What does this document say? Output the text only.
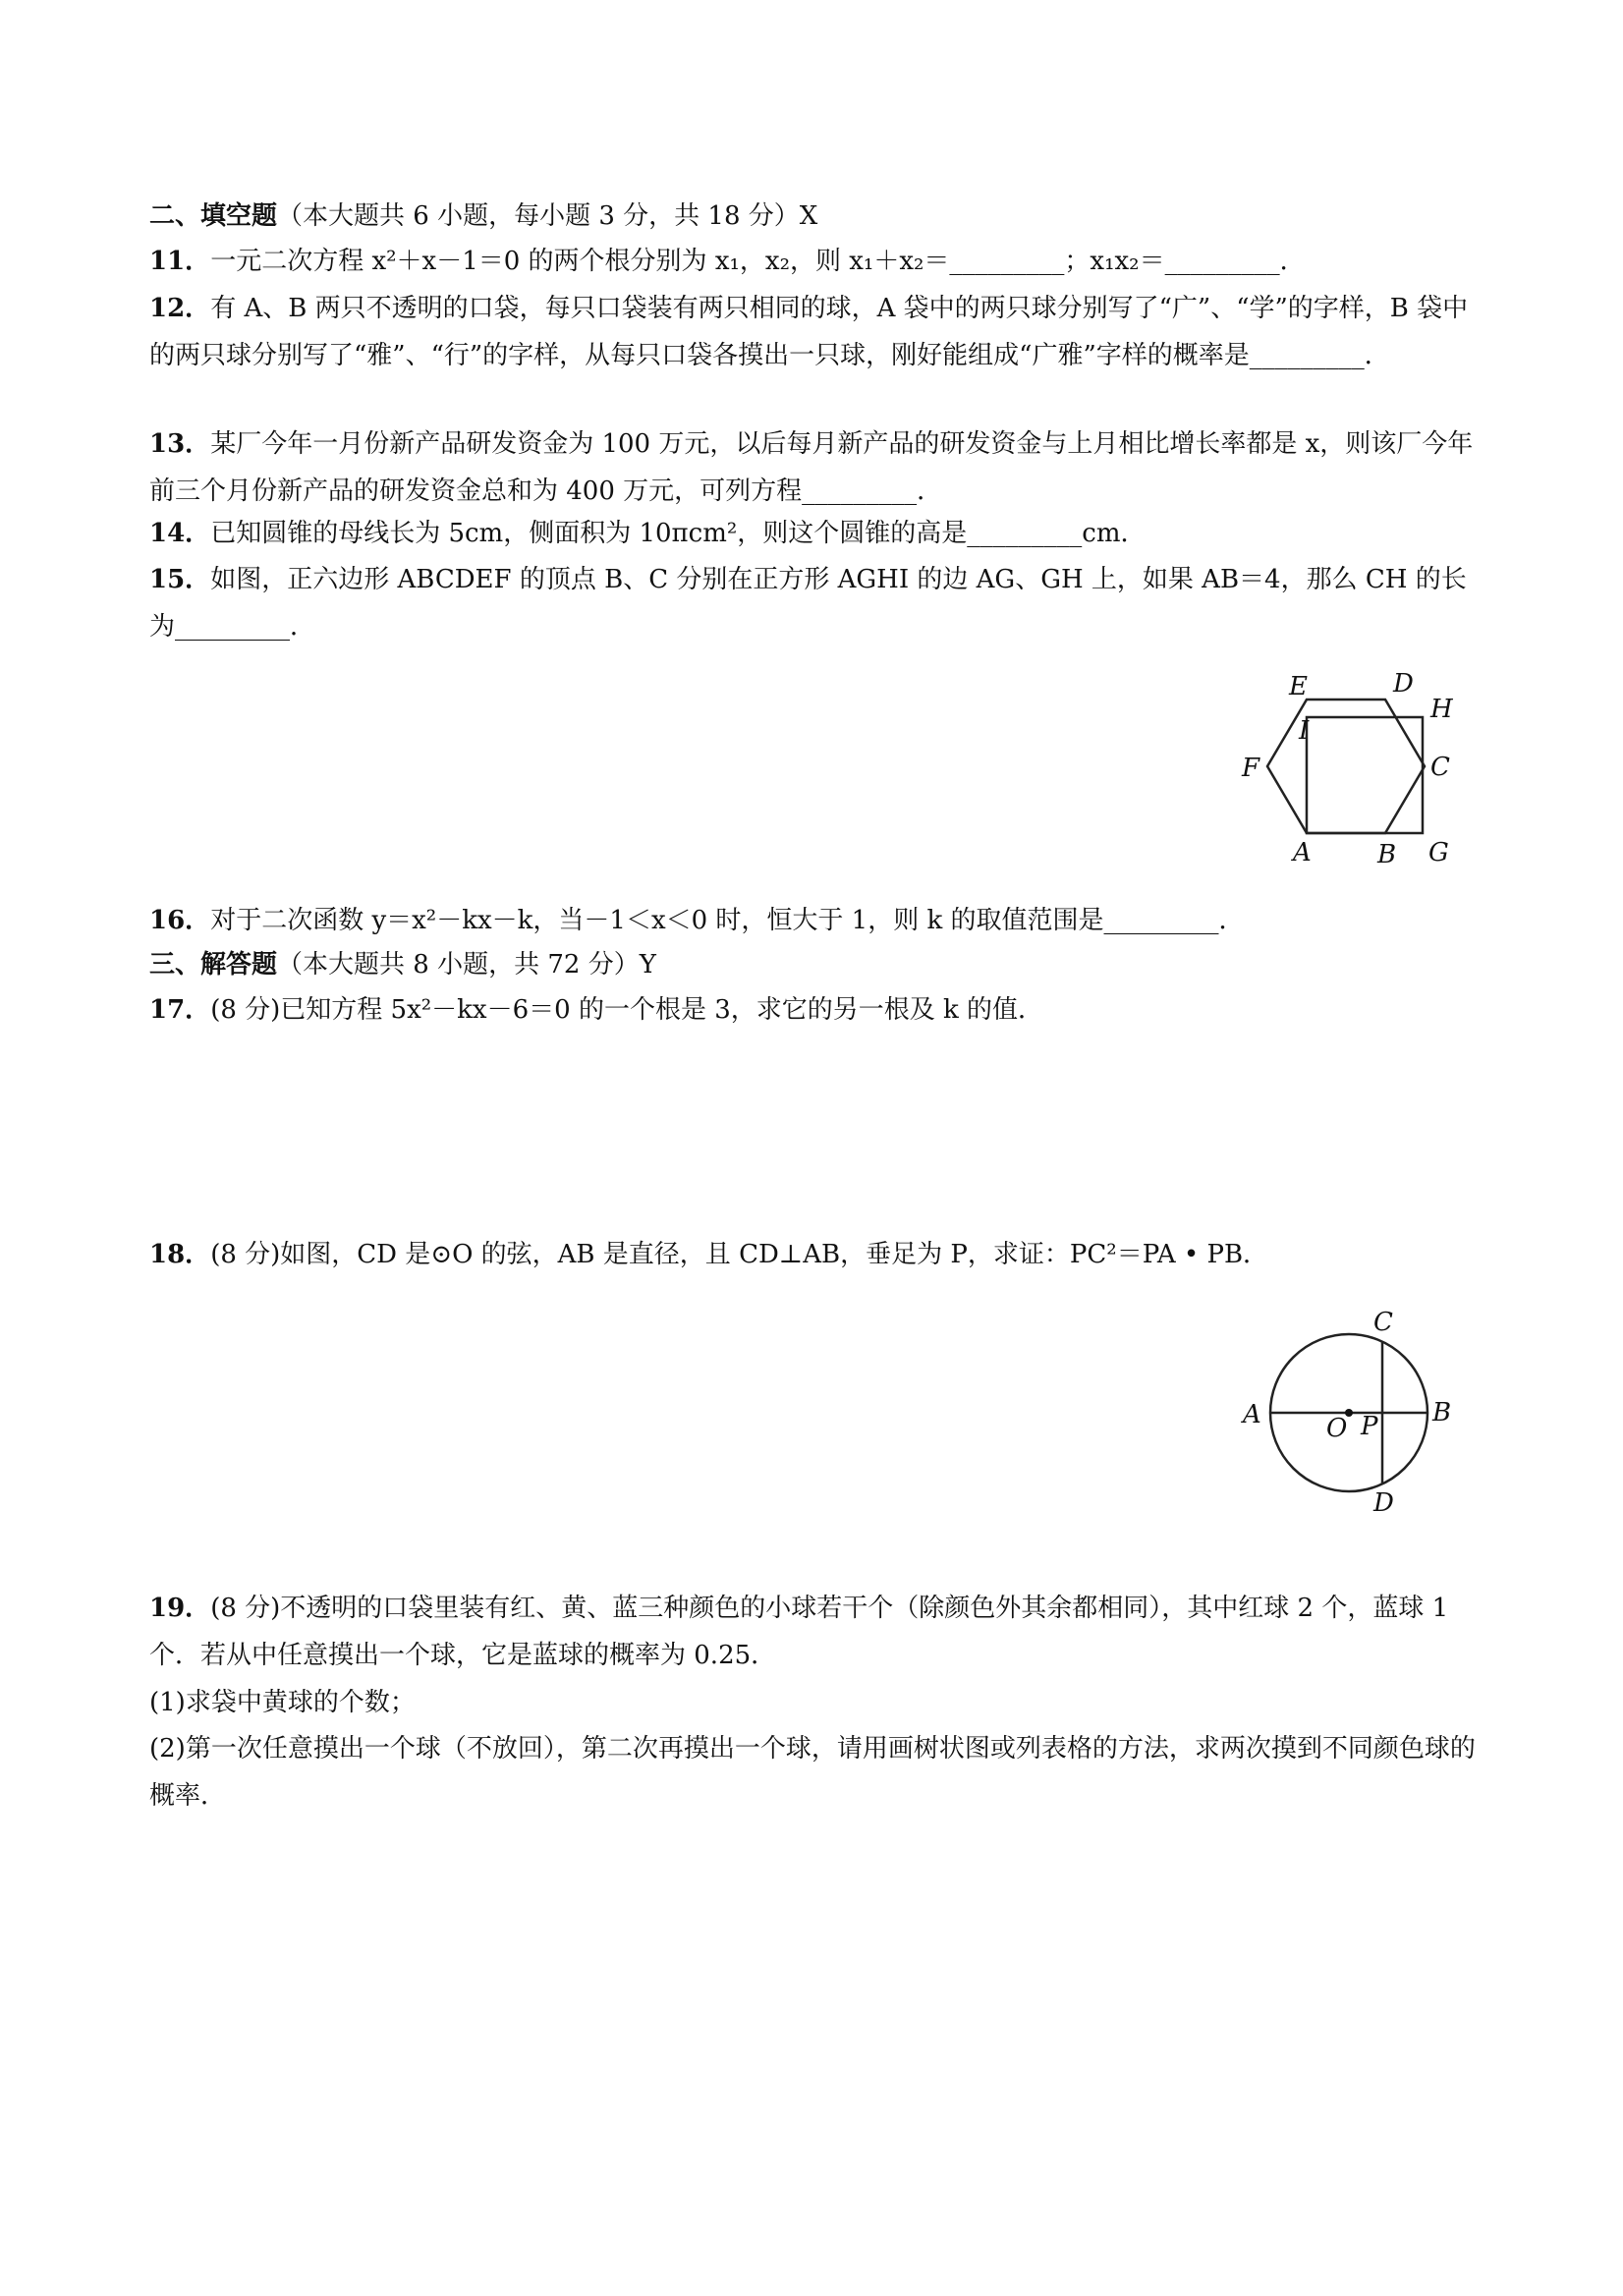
二、填空题（本大题共 6 小题，每小题 3 分，共 18 分）X
11．一元二次方程 x²＋x－1＝0 的两个根分别为 x₁，x₂，则 x₁＋x₂＝_________；x₁x₂＝_________．
12．有 A、B 两只不透明的口袋，每只口袋装有两只相同的球，A 袋中的两只球分别写了“广”、“学”的字样，B 袋中的两只球分别写了“雅”、“行”的字样，从每只口袋各摸出一只球，刚好能组成“广雅”字样的概率是_________．
13．某厂今年一月份新产品研发资金为 100 万元，以后每月新产品的研发资金与上月相比增长率都是 x，则该厂今年前三个月份新产品的研发资金总和为 400 万元，可列方程_________．
14．已知圆锥的母线长为 5cm，侧面积为 10πcm²，则这个圆锥的高是_________cm．
15．如图，正六边形 ABCDEF 的顶点 B、C 分别在正方形 AGHI 的边 AG、GH 上，如果 AB＝4，那么 CH 的长为_________．
E	D
H
I
F	C
A	B G
16．对于二次函数 y＝x²－kx－k，当－1＜x＜0 时，恒大于 1，则 k 的取值范围是_________．
三、解答题（本大题共 8 小题，共 72 分）Y
17．(8 分)已知方程 5x²－kx－6＝0 的一个根是 3，求它的另一根及 k 的值．
18．(8 分)如图，CD 是⊙O 的弦，AB 是直径，且 CD⊥AB，垂足为 P，求证：PC²＝PA • PB．
C
A	O P B
D
19．(8 分)不透明的口袋里装有红、黄、蓝三种颜色的小球若干个（除颜色外其余都相同），其中红球 2 个，蓝球 1 个．若从中任意摸出一个球，它是蓝球的概率为 0.25．
(1)求袋中黄球的个数；
(2)第一次任意摸出一个球（不放回），第二次再摸出一个球，请用画树状图或列表格的方法，求两次摸到不同颜色球的概率．
